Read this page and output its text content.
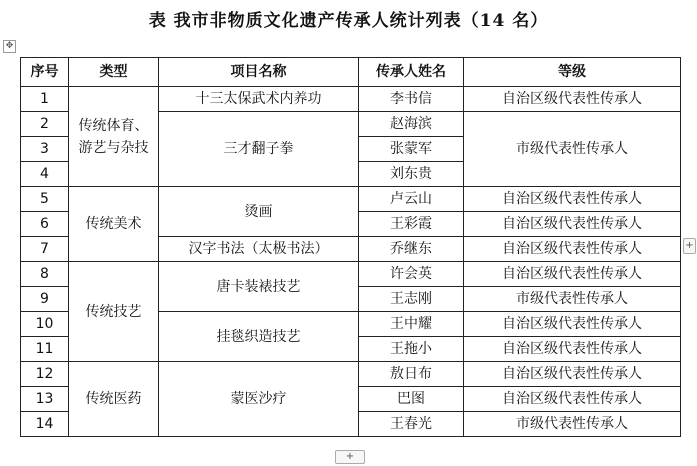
表 我市非物质文化遗产传承人统计列表（14 名）
✥
序号	类型	项目名称	传承人姓名	等级
1	传统体育、游艺与杂技	十三太保武术内养功	李书信	自治区级代表性传承人
2		三才翻子拳	赵海滨	市级代表性传承人
3			张蒙军	
4			刘东贵	
5	传统美术	烫画	卢云山	自治区级代表性传承人
6			王彩霞	自治区级代表性传承人
7		汉字书法（太极书法）	乔继东	自治区级代表性传承人
8	传统技艺	唐卡装裱技艺	许会英	自治区级代表性传承人
9			王志刚	市级代表性传承人
10		挂毯织造技艺	王中耀	自治区级代表性传承人
11			王拖小	自治区级代表性传承人
12	传统医药	蒙医沙疗	敖日布	自治区级代表性传承人
13			巴图	自治区级代表性传承人
14			王春光	市级代表性传承人
+
+
